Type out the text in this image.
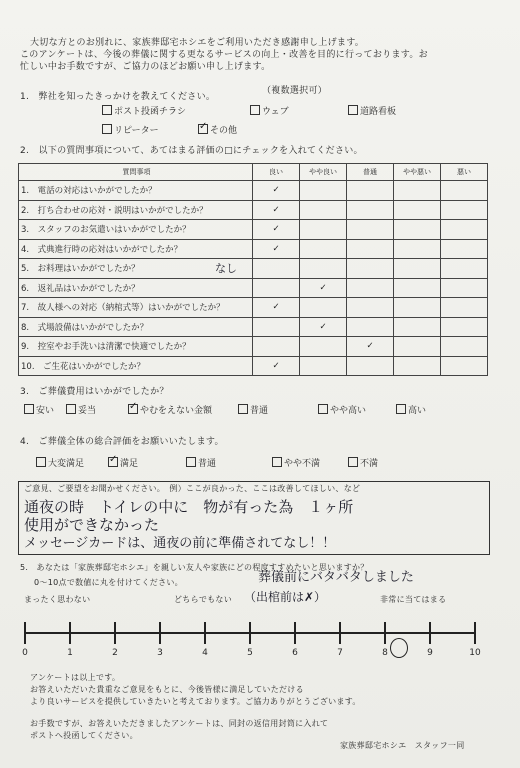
大切な方とのお別れに、家族葬邸宅ホシエをご利用いただき感謝申し上げます。
このアンケートは、今後の葬儀に関する更なるサービスの向上・改善を目的に行っております。お
忙しい中お手数ですが、ご協力のほどお願い申し上げます。
1.　弊社を知ったきっかけを教えてください。
（複数選択可）
ポスト投函チラシ	ウェブ	道路看板
リピーター ✓	その他
2.　以下の質問事項について、あてはまる評価の□にチェックを入れてください。
質問事項	良い	やや良い	普通	やや悪い	悪い
1.　電話の対応はいかがでしたか？	✓				
2.　打ち合わせの応対・説明はいかがでしたか？	✓				
3.　スタッフのお気遣いはいかがでしたか？	✓				
4.　式典進行時の応対はいかがでしたか？	✓				
5.　お料理はいかがでしたか？ なし					

6.　返礼品はいかがでしたか？		✓			
7.　故人様への対応（納棺式等）はいかがでしたか？	✓				
8.　式場設備はいかがでしたか？		✓			
9.　控室やお手洗いは清潔で快適でしたか？			✓		
10.　ご生花はいかがでしたか？	✓				
3.　ご葬儀費用はいかがでしたか？
安い	妥当 ✓	やむをえない金額	普通	やや高い	高い
4.　ご葬儀全体の総合評価をお願いいたします。
大変満足 ✓	満足	普通	やや不満	不満
ご意見、ご要望をお聞かせください。　例）ここが良かった、ここは改善してほしい、など
通夜の時　トイレの中に　物が有った為　１ヶ所
使用ができなかった
メッセージカードは、通夜の前に準備されてなし！！
5.　あなたは「家族葬邸宅ホシエ」を親しい友人や家族にどの程度すすめたいと思いますか？
0～10点で数値に丸を付けてください。	葬儀前にバタバタしました
まったく思わない	どちらでもない （出棺前は✗）	非常に当てはまる
0	1	2	3	4	5	6	7	8	9	10
アンケートは以上です。
お答えいただいた貴重なご意見をもとに、今後皆様に満足していただける
より良いサービスを提供していきたいと考えております。ご協力ありがとうございます。
お手数ですが、お答えいただきましたアンケートは、同封の返信用封筒に入れて
ポストへ投函してください。
家族葬邸宅ホシエ　スタッフ一同
